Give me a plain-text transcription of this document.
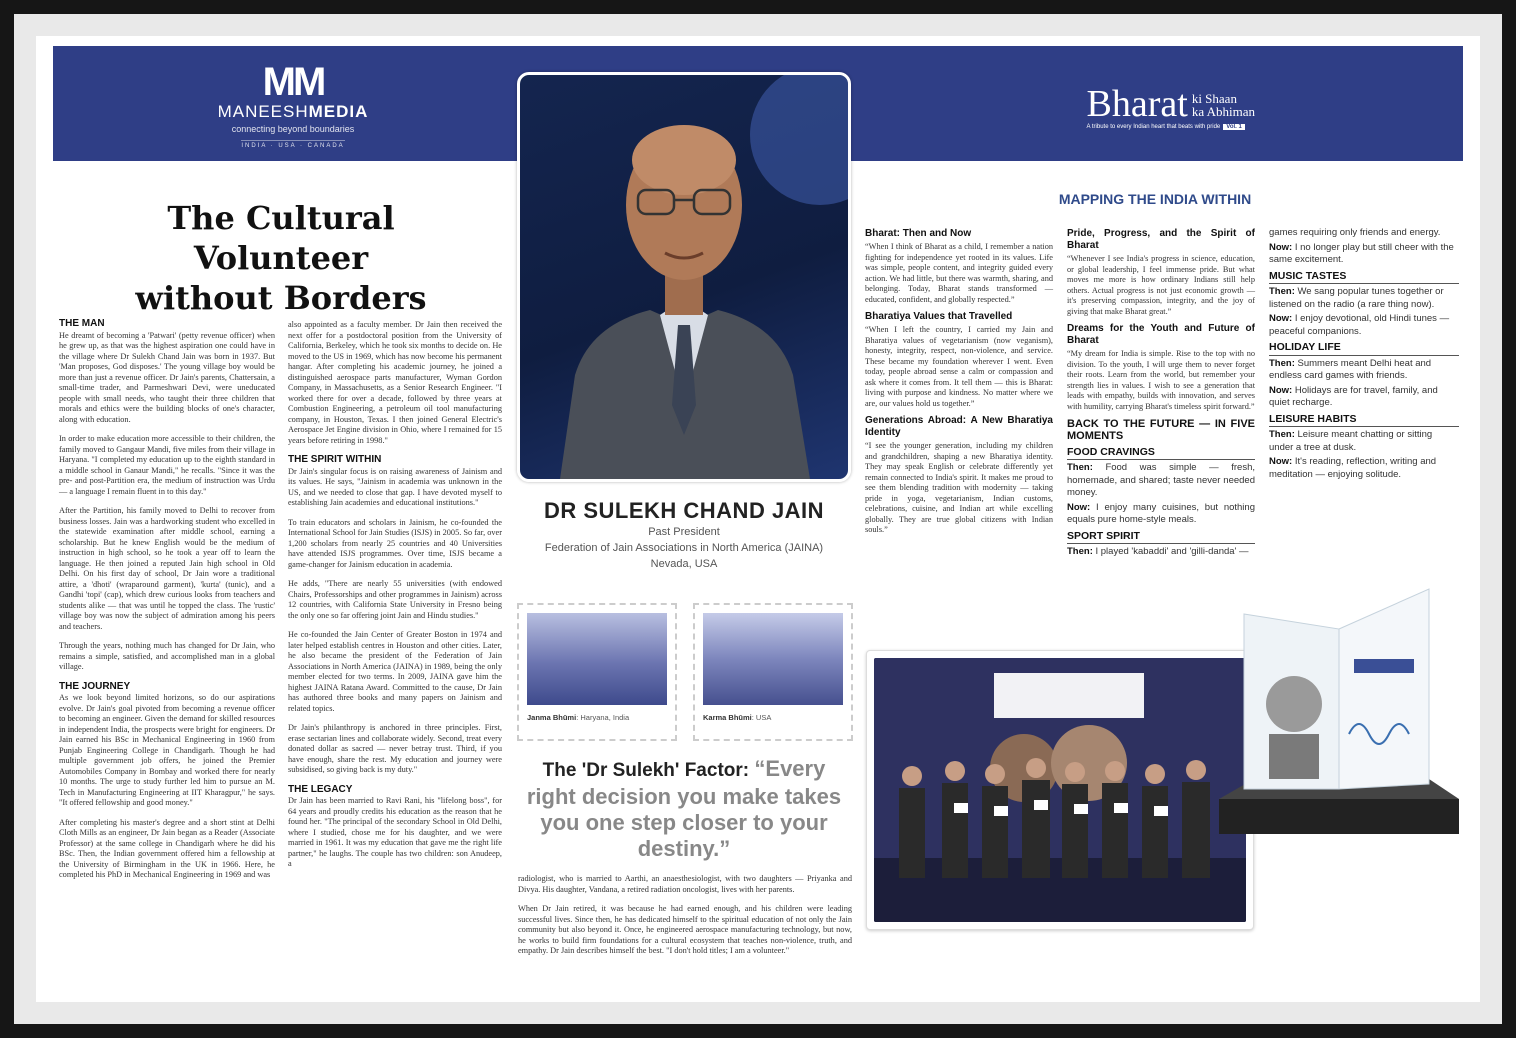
MM
MANEESHMEDIA
connecting beyond boundaries
INDIA · USA · CANADA
Bharat ki Shaan
ka Abhiman
A tribute to every Indian heart that beats with pride Vol. 1
The Cultural Volunteer
without Borders
THE MAN

He dreamt of becoming a 'Patwari' (petty revenue officer) when he grew up, as that was the highest aspiration one could have in the village where Dr Sulekh Chand Jain was born in 1937. But 'Man proposes, God disposes.' The young village boy would be more than just a revenue officer. Dr Jain's parents, Chattersain, a small-time trader, and Parmeshwari Devi, were uneducated people with small needs, who taught their three children that morals and ethics were the building blocks of one's character, along with education.

In order to make education more accessible to their children, the family moved to Gangaur Mandi, five miles from their village in Haryana. "I completed my education up to the eighth standard in a middle school in Ganaur Mandi," he recalls. "Since it was the pre- and post-Partition era, the medium of instruction was Urdu — a language I remain fluent in to this day."

After the Partition, his family moved to Delhi to recover from business losses. Jain was a hardworking student who excelled in the statewide examination after middle school, earning a scholarship. But he knew English would be the medium of instruction in high school, so he took a year off to learn the language. He then joined a reputed Jain high school in Old Delhi. On his first day of school, Dr Jain wore a traditional attire, a 'dhoti' (wraparound garment), 'kurta' (tunic), and a Gandhi 'topi' (cap), which drew curious looks from teachers and students alike — that was until he topped the class. The 'rustic' village boy was now the subject of admiration among his peers and teachers.

Through the years, nothing much has changed for Dr Jain, who remains a simple, satisfied, and accomplished man in a global village.

THE JOURNEY

As we look beyond limited horizons, so do our aspirations evolve. Dr Jain's goal pivoted from becoming a revenue officer to becoming an engineer. Given the demand for skilled resources in independent India, the prospects were bright for engineers. Dr Jain earned his BSc in Mechanical Engineering in 1960 from Punjab Engineering College in Chandigarh. Though he had multiple government job offers, he joined the Premier Automobiles Company in Bombay and worked there for nearly 10 months. The urge to study further led him to pursue an M. Tech in Manufacturing Engineering at IIT Kharagpur," he says. "It offered fellowship and good money."

After completing his master's degree and a short stint at Delhi Cloth Mills as an engineer, Dr Jain began as a Reader (Associate Professor) at the same college in Chandigarh where he did his BSc. Then, the Indian government offered him a fellowship at the University of Birmingham in the UK in 1966. Here, he completed his PhD in Mechanical Engineering in 1969 and was

also appointed as a faculty member. Dr Jain then received the next offer for a postdoctoral position from the University of California, Berkeley, which he took six months to decide on. He moved to the US in 1969, which has now become his permanent hangar. After completing his academic journey, he joined a distinguished aerospace parts manufacturer, Wyman Gordon Company, in Massachusetts, as a Senior Research Engineer. "I worked there for over a decade, followed by three years at Combustion Engineering, a petroleum oil tool manufacturing company, in Houston, Texas. I then joined General Electric's Aerospace Jet Engine division in Ohio, where I remained for 15 years before retiring in 1998."

THE SPIRIT WITHIN

Dr Jain's singular focus is on raising awareness of Jainism and its values. He says, "Jainism in academia was unknown in the US, and we needed to close that gap. I have devoted myself to establishing Jain academies and educational institutions."

To train educators and scholars in Jainism, he co-founded the International School for Jain Studies (ISJS) in 2005. So far, over 1,200 scholars from nearly 25 countries and 40 Universities have attended ISJS programmes. Over time, ISJS became a game-changer for Jainism education in academia.

He adds, "There are nearly 55 universities (with endowed Chairs, Professorships and other programmes in Jainism) across 12 countries, with California State University in Fresno being the only one so far offering joint Jain and Hindu studies."

He co-founded the Jain Center of Greater Boston in 1974 and later helped establish centres in Houston and other cities. Later, he also became the president of the Federation of Jain Associations in North America (JAINA) in 1989, being the only member elected for two terms. In 2009, JAINA gave him the highest JAINA Ratana Award. Committed to the cause, Dr Jain has authored three books and many papers on Jainism and related topics.

Dr Jain's philanthropy is anchored in three principles. First, erase sectarian lines and collaborate widely. Second, treat every donated dollar as sacred — never betray trust. Third, if you have enough, share the rest. My education and journey were subsidised, so giving back is my duty."

THE LEGACY

Dr Jain has been married to Ravi Rani, his "lifelong boss", for 64 years and proudly credits his education as the reason that he found her. "The principal of the secondary School in Old Delhi, where I studied, chose me for his daughter, and we were married in 1961. It was my education that gave me the right life partner," he laughs. The couple has two children: son Anudeep, a

DR SULEKH CHAND JAIN
Past President
Federation of Jain Associations in North America (JAINA)
Nevada, USA
Janma Bhūmi: Haryana, India	Karma Bhūmi: USA
The 'Dr Sulekh' Factor: “Every right decision you make takes you one step closer to your destiny.”

radiologist, who is married to Aarthi, an anaesthesiologist, with two daughters — Priyanka and Divya. His daughter, Vandana, a retired radiation oncologist, lives with her parents.

When Dr Jain retired, it was because he had earned enough, and his children were leading successful lives. Since then, he has dedicated himself to the spiritual education of not only the Jain community but also beyond it. Once, he engineered aerospace manufacturing technology, but now, he works to build firm foundations for a cultural ecosystem that teaches non-violence, truth, and empathy. Dr Jain describes himself the best. "I don't hold titles; I am a volunteer."

MAPPING THE INDIA WITHIN
Bharat: Then and Now

“When I think of Bharat as a child, I remember a nation fighting for independence yet rooted in its values. Life was simple, people content, and integrity guided every action. We had little, but there was warmth, sharing, and belonging. Today, Bharat stands transformed — educated, confident, and globally respected.”

Bharatiya Values that Travelled

“When I left the country, I carried my Jain and Bharatiya values of vegetarianism (now veganism), honesty, integrity, respect, non-violence, and service. These became my foundation wherever I went. Even today, people abroad sense a calm or compassion and ask where it comes from. It tell them — this is Bharat: living with purpose and kindness. No matter where we are, our values hold us together.”

Generations Abroad: A New Bharatiya Identity

“I see the younger generation, including my children and grandchildren, shaping a new Bharatiya identity. They may speak English or celebrate differently yet remain connected to India's spirit. It makes me proud to see them blending tradition with modernity — taking pride in yoga, vegetarianism, Indian customs, celebrations, cuisine, and Indian art while excelling globally. They are true global citizens with Indian souls.”

Pride, Progress, and the Spirit of Bharat

“Whenever I see India's progress in science, education, or global leadership, I feel immense pride. But what moves me more is how ordinary Indians still help others. Actual progress is not just economic growth — it's preserving compassion, integrity, and the joy of giving that make Bharat great.”

Dreams for the Youth and Future of Bharat

“My dream for India is simple. Rise to the top with no division. To the youth, I will urge them to never forget their roots. Learn from the world, but remember your strength lies in values. I wish to see a generation that leads with empathy, builds with innovation, and serves with humility, carrying Bharat's timeless spirit forward.”

BACK TO THE FUTURE — IN FIVE MOMENTS
FOOD CRAVINGS
Then: Food was simple — fresh, homemade, and shared; taste never needed money.
Now: I enjoy many cuisines, but nothing equals pure home-style meals.
SPORT SPIRIT
Then: I played 'kabaddi' and 'gilli-danda' —
games requiring only friends and energy.
Now: I no longer play but still cheer with the same excitement.
MUSIC TASTES
Then: We sang popular tunes together or listened on the radio (a rare thing now).
Now: I enjoy devotional, old Hindi tunes — peaceful companions.
HOLIDAY LIFE
Then: Summers meant Delhi heat and endless card games with friends.
Now: Holidays are for travel, family, and quiet recharge.
LEISURE HABITS
Then: Leisure meant chatting or sitting under a tree at dusk.
Now: It's reading, reflection, writing and meditation — enjoying solitude.
